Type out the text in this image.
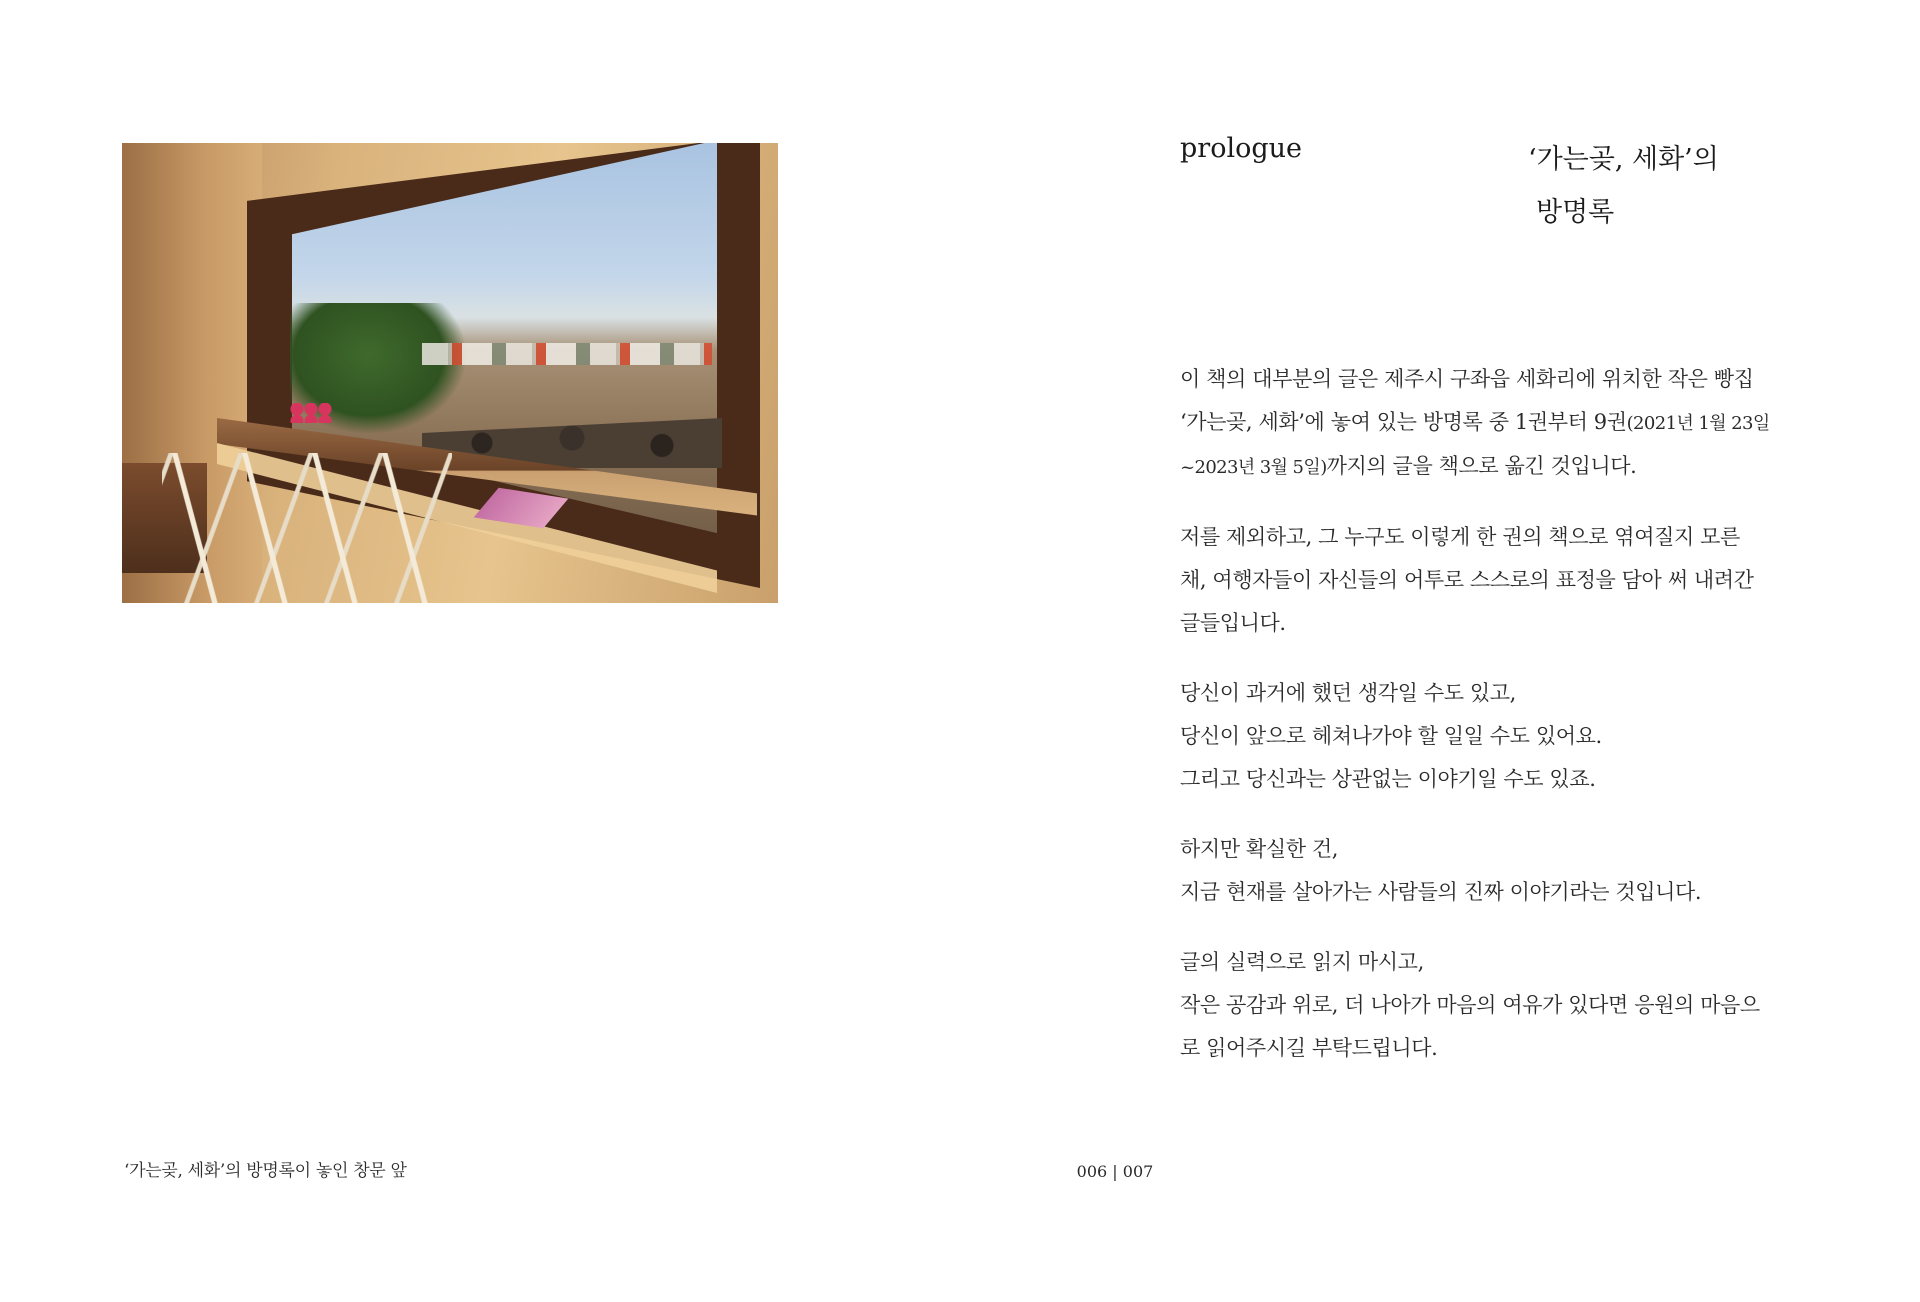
‘가는곶, 세화’의 방명록이 놓인 창문 앞	006 | 007
prologue	‘가는곶, 세화’의
방명록
이 책의 대부분의 글은 제주시 구좌읍 세화리에 위치한 작은 빵집
‘가는곶, 세화’에 놓여 있는 방명록 중 1권부터 9권(2021년 1월 23일
~2023년 3월 5일)까지의 글을 책으로 옮긴 것입니다.
저를 제외하고, 그 누구도 이렇게 한 권의 책으로 엮여질지 모른
채, 여행자들이 자신들의 어투로 스스로의 표정을 담아 써 내려간
글들입니다.
당신이 과거에 했던 생각일 수도 있고,
당신이 앞으로 헤쳐나가야 할 일일 수도 있어요.
그리고 당신과는 상관없는 이야기일 수도 있죠.
하지만 확실한 건,
지금 현재를 살아가는 사람들의 진짜 이야기라는 것입니다.
글의 실력으로 읽지 마시고,
작은 공감과 위로, 더 나아가 마음의 여유가 있다면 응원의 마음으
로 읽어주시길 부탁드립니다.
